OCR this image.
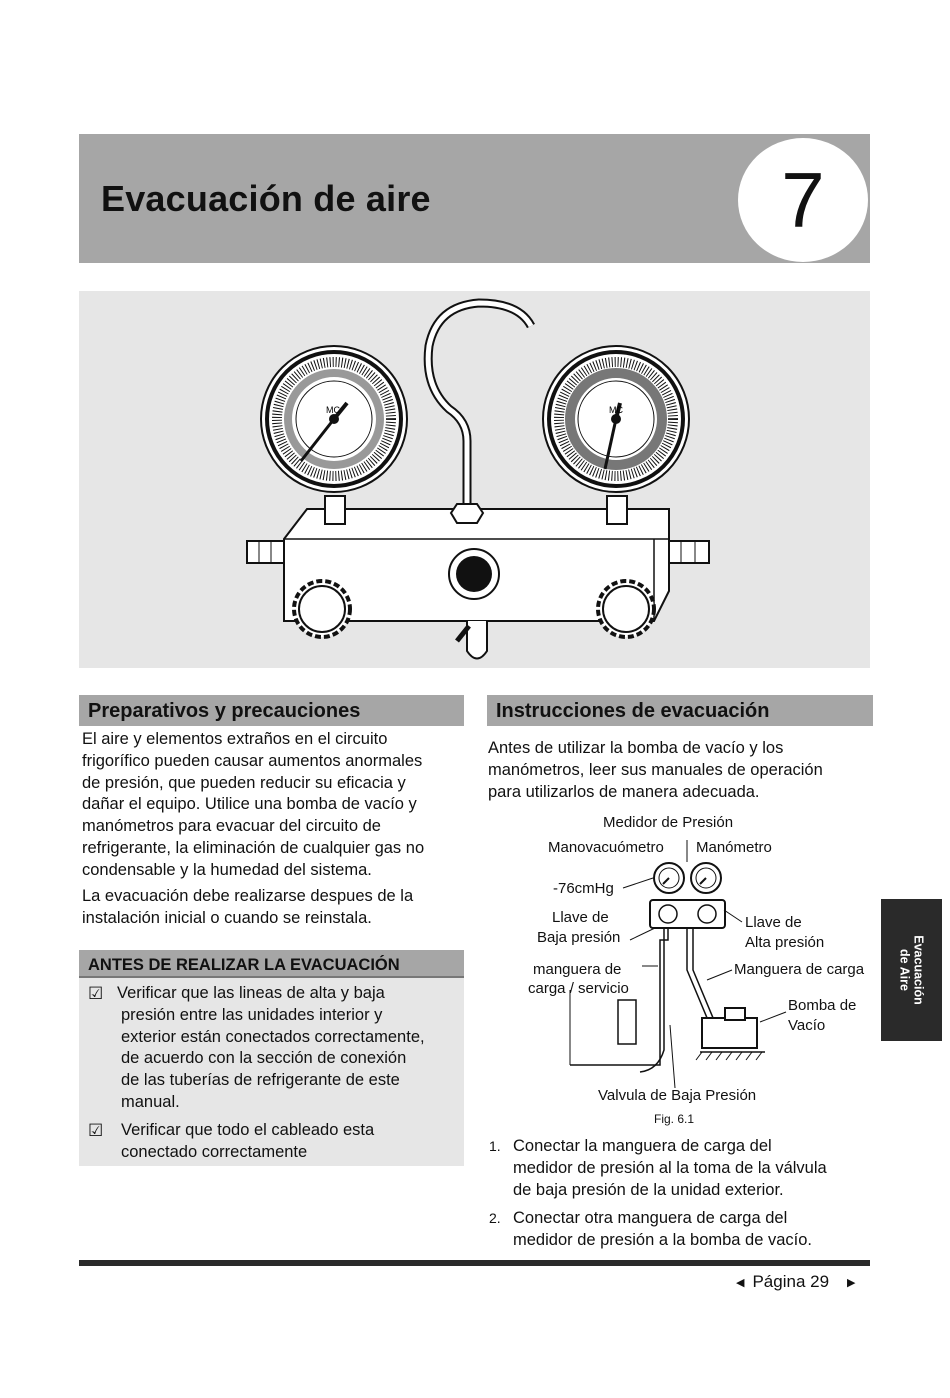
Evacuación de aire	7
MC	MC
Preparativos y precauciones
El aire y elementos extraños en el circuito
frigorífico pueden causar aumentos anormales
de presión, que pueden reducir su eficacia y
dañar el equipo. Utilice una bomba de vacío y
manómetros para evacuar del circuito de
refrigerante, la eliminación de cualquier gas no
condensable y la humedad del sistema.
La evacuación debe realizarse despues de la
instalación inicial o cuando se reinstala.
ANTES DE REALIZAR LA EVACUACIÓN
☑ Verificar que las lineas de alta y baja
presión entre las unidades interior y
exterior están conectados correctamente,
de acuerdo con la sección de conexión
de las tuberías de refrigerante de este
manual.
☑ Verificar que todo el cableado esta
conectado correctamente
Instrucciones de evacuación
Antes de utilizar la bomba de vacío y los
manómetros, leer sus manuales de operación
para utilizarlos de manera adecuada.
Medidor de Presión
Manovacuómetro Manómetro
-76cmHg
Llave de
Baja presión
Llave de
Alta presión
manguera de
carga / servicio
Manguera de carga
Bomba de
Vacío
Valvula de Baja Presión
Fig. 6.1
1. Conectar la manguera de carga del
medidor de presión al la toma de la válvula
de baja presión de la unidad exterior.
2. Conectar otra manguera de carga del
medidor de presión a la bomba de vacío.
◀ Página 29 ▶
Evacuación
de Aire
